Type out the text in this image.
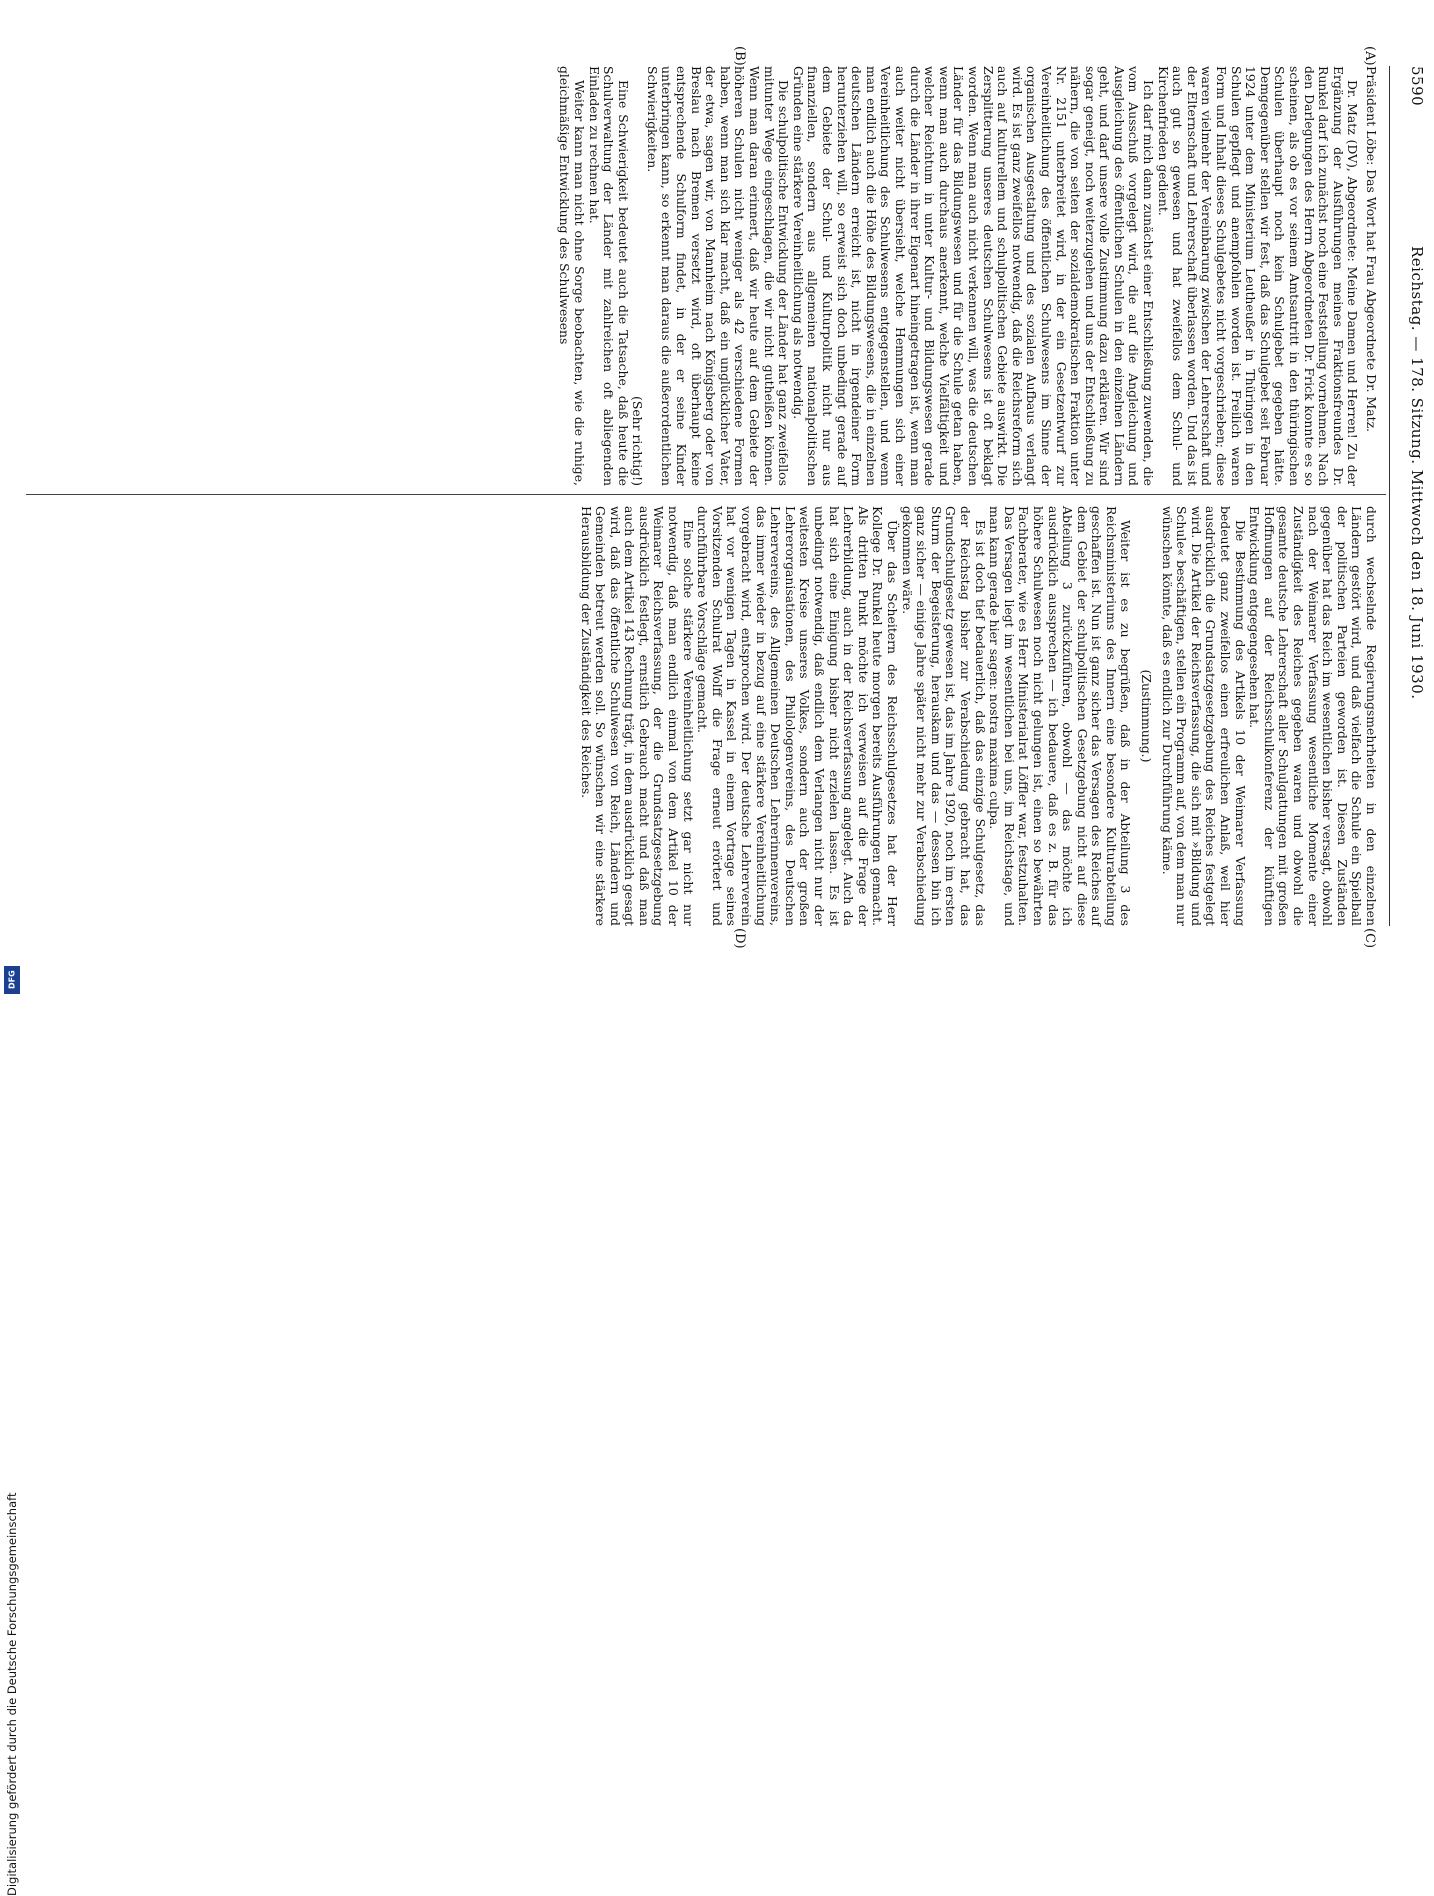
5590
Reichstag. — 178. Sitzung. Mittwoch den 18. Juni 1930.
(A)
(B)
(C)
(D)

Präsident Löbe: Das Wort hat Frau Abgeordnete Dr. Matz.

Dr. Matz (DV), Abgeordnete: Meine Damen und Herren! Zu der Ergänzung der Ausführungen meines Fraktionsfreundes Dr. Runkel darf ich zunächst noch eine Feststellung vornehmen. Nach den Darlegungen des Herrn Abgeordneten Dr. Frick konnte es so scheinen, als ob es vor seinem Amtsantritt in den thüringischen Schulen überhaupt noch kein Schulgebet gegeben hätte. Demgegenüber stellen wir fest, daß das Schulgebet seit Februar 1924 unter dem Ministerium Leutheußer in Thüringen in den Schulen gepflegt und anempfohlen worden ist. Freilich waren Form und Inhalt dieses Schulgebetes nicht vorgeschrieben; diese waren vielmehr der Vereinbarung zwischen der Lehrerschaft und der Elternschaft und Lehrerschaft überlassen worden. Und das ist auch gut so gewesen und hat zweifellos dem Schul- und Kirchenfrieden gedient.

Ich darf mich dann zunächst einer Entschließung zuwenden, die vom Ausschuß vorgelegt wird, die auf die Angleichung und Ausgleichung des öffentlichen Schulen in den einzelnen Ländern geht, und darf unsere volle Zustimmung dazu erklären. Wir sind sogar geneigt, noch weiterzugehen und uns der Entschließung zu nähern, die von seiten der sozialdemokratischen Fraktion unter Nr. 2151 unterbreitet wird, in der ein Gesetzentwurf zur Vereinheitlichung des öffentlichen Schulwesens im Sinne der organischen Ausgestaltung und des sozialen Aufbaus verlangt wird. Es ist ganz zweifellos notwendig, daß die Reichsreform sich auch auf kulturellem und schulpolitischen Gebiete auswirkt. Die Zersplitterung unseres deutschen Schulwesens ist oft beklagt worden. Wenn man auch nicht verkennen will, was die deutschen Länder für das Bildungswesen und für die Schule getan haben, wenn man auch durchaus anerkennt, welche Vielfältigkeit und welcher Reichtum in unter Kultur- und Bildungswesen gerade durch die Länder in ihrer Eigenart hineingetragen ist, wenn man auch weiter nicht übersieht, welche Hemmungen sich einer Vereinheitlichung des Schulwesens entgegenstellen, und wenn man endlich auch die Höhe des Bildungswesens, die in einzelnen deutschen Ländern erreicht ist, nicht in irgendeiner Form herunterziehen will, so erweist sich doch unbedingt gerade auf dem Gebiete der Schul- und Kulturpolitik nicht nur aus finanziellen, sondern aus allgemeinen nationalpolitischen Gründen eine stärkere Vereinheitlichung als notwendig.

Die schulpolitische Entwicklung der Länder hat ganz zweifellos mitunter Wege eingeschlagen, die wir nicht gutheißen können. Wenn man daran erinnert, daß wir heute auf dem Gebiete der höheren Schulen nicht weniger als 42 verschiedene Formen haben, wenn man sich klar macht, daß ein unglücklicher Vater, der etwa, sagen wir, von Mannheim nach Königsberg oder von Breslau nach Bremen versetzt wird, oft überhaupt keine entsprechende Schulform findet, in der er seine Kinder unterbringen kann, so erkennt man daraus die außerordentlichen Schwierigkeiten.

(Sehr richtig!)

Eine Schwierigkeit bedeutet auch die Tatsache, daß heute die Schulverwaltung der Länder mit zahlreichen oft abliegenden Einladen zu rechnen hat.

Weiter kann man nicht ohne Sorge beobachten, wie die ruhige, gleichmäßige Entwicklung des Schulwesens

durch wechselnde Regierungsmehrheiten in den einzelnen Ländern gestört wird, und daß vielfach die Schule ein Spielball der politischen Parteien geworden ist. Diesen Zuständen gegenüber hat das Reich im wesentlichen bisher versagt, obwohl nach der Weimarer Verfassung wesentliche Momente einer Zuständigkeit des Reiches gegeben waren und obwohl die gesamte deutsche Lehrerschaft aller Schulgattungen mit großen Hoffnungen auf der Reichsschulkonferenz der künftigen Entwicklung entgegengesehen hat.

Die Bestimmung des Artikels 10 der Weimarer Verfassung bedeutet ganz zweifellos einen erfreulichen Anlaß, weil hier ausdrücklich die Grundsatzgesetzgebung des Reiches festgelegt wird. Die Artikel der Reichsverfassung, die sich mit »Bildung und Schule« beschäftigen, stellen ein Programm auf, von dem man nur wünschen könnte, daß es endlich zur Durchführung käme.

(Zustimmung.)

Weiter ist es zu begrüßen, daß in der Abteilung 3 des Reichsministeriums des Innern eine besondere Kulturabteilung geschaffen ist. Nun ist ganz sicher das Versagen des Reiches auf dem Gebiet der schulpolitischen Gesetzgebung nicht auf diese Abteilung 3 zurückzuführen, obwohl — das möchte ich ausdrücklich aussprechen — ich bedauere, daß es z. B. für das höhere Schulwesen noch nicht gelungen ist, einen so bewährten Fachberater, wie es Herr Ministerialrat Löffler war, festzuhalten. Das Versagen liegt im wesentlichen bei uns, im Reichstage, und man kann gerade hier sagen: nostra maxima culpa.

Es ist doch tief bedauerlich, daß das einzige Schulgesetz, das der Reichstag bisher zur Verabschiedung gebracht hat, das Grundschulgesetz gewesen ist, das im Jahre 1920, noch im ersten Sturm der Begeisterung, herauskam und das — dessen bin ich ganz sicher — einige Jahre später nicht mehr zur Verabschiedung gekommen wäre.

Über das Scheitern des Reichsschulgesetzes hat der Herr Kollege Dr. Runkel heute morgen bereits Ausführungen gemacht. Als dritten Punkt möchte ich verweisen auf die Frage der Lehrerbildung, auch in der Reichsverfassung angelegt. Auch da hat sich eine Einigung bisher nicht erzielen lassen. Es ist unbedingt notwendig, daß endlich dem Verlangen nicht nur der weitesten Kreise unseres Volkes, sondern auch der großen Lehrerorganisationen, des Philologenvereins, des Deutschen Lehrervereins, des Allgemeinen Deutschen Lehrerinnenvereins, das immer wieder in bezug auf eine stärkere Vereinheitlichung vorgebracht wird, entsprochen wird. Der deutsche Lehrerverein hat vor wenigen Tagen in Kassel in einem Vortrage seines Vorsitzenden Schulrat Wolff die Frage erneut erörtert und durchführbare Vorschläge gemacht.

Eine solche stärkere Vereinheitlichung setzt gar nicht nur notwendig, daß man endlich einmal von dem Artikel 10 der Weimarer Reichsverfassung, der die Grundsatzgesetzgebung ausdrücklich festlegt, ernstlich Gebrauch macht und daß man auch dem Artikel 143 Rechnung trägt, in dem ausdrücklich gesagt wird, daß das öffentliche Schulwesen von Reich, Ländern und Gemeinden betreut werden soll. So wünschen wir eine stärkere Herausbildung der Zuständigkeit des Reiches.

Digitalisierung gefördert durch die Deutsche Forschungsgemeinschaft
DFG
